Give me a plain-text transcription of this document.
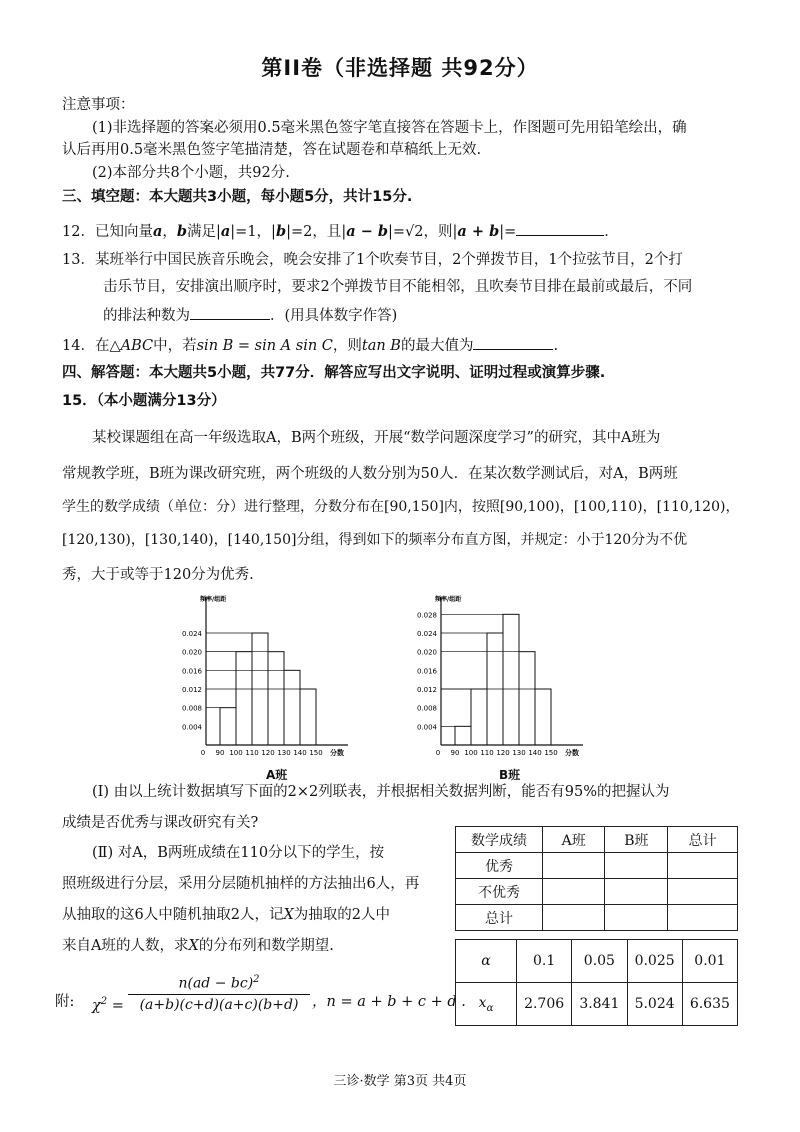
第II卷（非选择题 共92分）
注意事项：
(1)非选择题的答案必须用0.5毫米黑色签字笔直接答在答题卡上，作图题可先用铅笔绘出，确
认后再用0.5毫米黑色签字笔描清楚，答在试题卷和草稿纸上无效.
(2)本部分共8个小题，共92分.
三、填空题：本大题共3小题，每小题5分，共计15分.
12．已知向量a，b满足|a|=1，|b|=2，且|a − b|=√2，则|a + b|=	．
13．某班举行中国民族音乐晚会，晚会安排了1个吹奏节目，2个弹拨节目，1个拉弦节目，2个打
击乐节目，安排演出顺序时，要求2个弹拨节目不能相邻，且吹奏节目排在最前或最后，不同
的排法种数为	．(用具体数字作答)
14．在△ABC中，若sin B = sin A sin C，则tan B的最大值为	.
四、解答题：本大题共5小题，共77分．解答应写出文字说明、证明过程或演算步骤.
15．（本小题满分13分）
某校课题组在高一年级选取A，B两个班级，开展“数学问题深度学习”的研究，其中A班为
常规教学班，B班为课改研究班，两个班级的人数分别为50人．在某次数学测试后，对A，B两班
学生的数学成绩（单位：分）进行整理，分数分布在[90,150]内，按照[90,100)，[100,110)，[110,120)，
[120,130)，[130,140)，[140,150]分组，得到如下的频率分布直方图，并规定：小于120分为不优
秀，大于或等于120分为优秀.
频率/组距
0.004
0.008
0.012
0.016
0.020
0.024
0 90 100 110 120 130 140 150 分数
频率/组距
0.004
0.008
0.012
0.016
0.020
0.024
0.028
0 90 100 110 120 130 140 150 分数
A班	B班
(Ⅰ) 由以上统计数据填写下面的2×2列联表，并根据相关数据判断，能否有95%的把握认为
成绩是否优秀与课改研究有关?
(Ⅱ) 对A，B两班成绩在110分以下的学生，按
照班级进行分层，采用分层随机抽样的方法抽出6人，再
从抽取的这6人中随机抽取2人，记X为抽取的2人中
来自A班的人数，求X的分布列和数学期望.
附: $\chi^2$ =
n(ad − bc)$^2$
(a+b)(c+d)(a+c)(b+d) ，n = a + b + c + d .
数学成绩	A班	B班	总计
优秀			
不优秀			
总计			
α	0.1	0.05	0.025	0.01
$x_\alpha$	2.706	3.841	5.024	6.635
三诊·数学 第3页 共4页
